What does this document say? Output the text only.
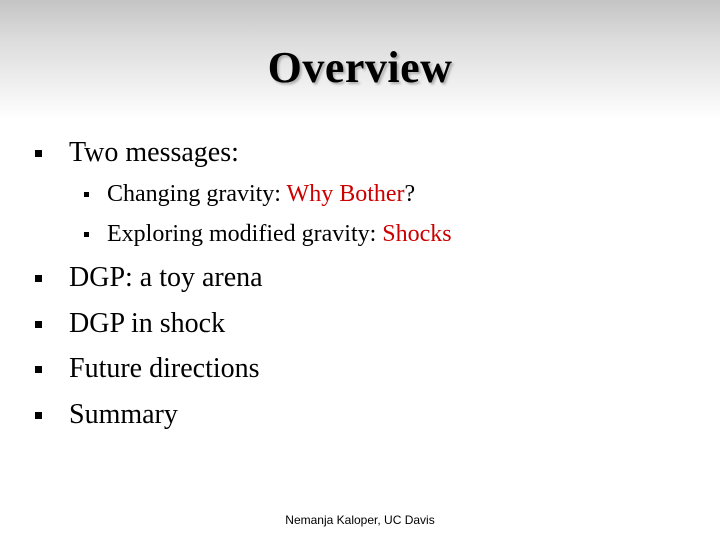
Overview
Two messages:
Changing gravity: Why Bother?
Exploring modified gravity: Shocks
DGP: a toy arena
DGP in shock
Future directions
Summary
Nemanja Kaloper, UC Davis
